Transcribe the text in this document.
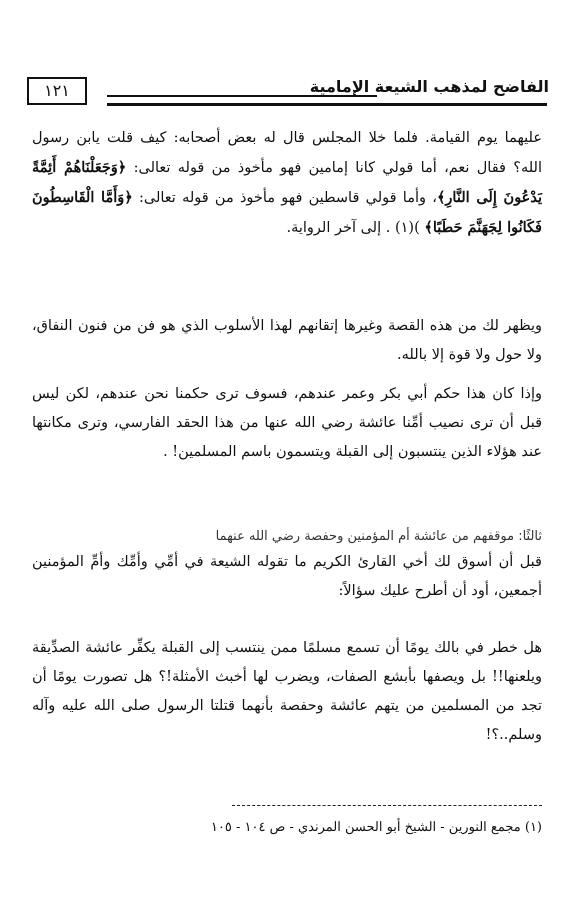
١٢١	الفاضح لمذهب الشيعة الإمامية

عليهما يوم القيامة. فلما خلا المجلس قال له بعض أصحابه: كيف قلت يابن رسول الله؟ فقال نعم، أما قولي كانا إمامين فهو مأخوذ من قوله تعالى: ﴿وَجَعَلْنَاهُمْ أَئِمَّةً يَدْعُونَ إِلَى النَّارِ﴾، وأما قولي قاسطين فهو مأخوذ من قوله تعالى: ﴿وَأَمَّا الْقَاسِطُونَ فَكَانُوا لِجَهَنَّمَ حَطَبًا﴾ )(١) . إلى آخر الرواية.

ويظهر لك من هذه القصة وغيرها إتقانهم لهذا الأسلوب الذي هو فن من فنون النفاق، ولا حول ولا قوة إلا بالله.

وإذا كان هذا حكم أبي بكر وعمر عندهم، فسوف ترى حكمنا نحن عندهم، لكن ليس قبل أن ترى نصيب أمِّنا عائشة رضي الله عنها من هذا الحقد الفارسي، وترى مكانتها عند هؤلاء الذين ينتسبون إلى القبلة ويتسمون باسم المسلمين! .

ثالثًا: موقفهم من عائشة أم المؤمنين وحفصة رضي الله عنهما

قبل أن أسوق لك أخي القارئ الكريم ما تقوله الشيعة في أمِّي وأمِّك وأمِّ المؤمنين أجمعين، أود أن أطرح عليك سؤالاً:

هل خطر في بالك يومًا أن تسمع مسلمًا ممن ينتسب إلى القبلة يكفِّر عائشة الصدِّيقة ويلعنها!! بل ويصفها بأبشع الصفات، ويضرب لها أخبث الأمثلة!؟ هل تصورت يومًا أن تجد من المسلمين من يتهم عائشة وحفصة بأنهما قتلتا الرسول صلى الله عليه وآله وسلم..؟!

(١) مجمع النورين - الشيخ أبو الحسن المرندي - ص ١٠٤ - ١٠٥
